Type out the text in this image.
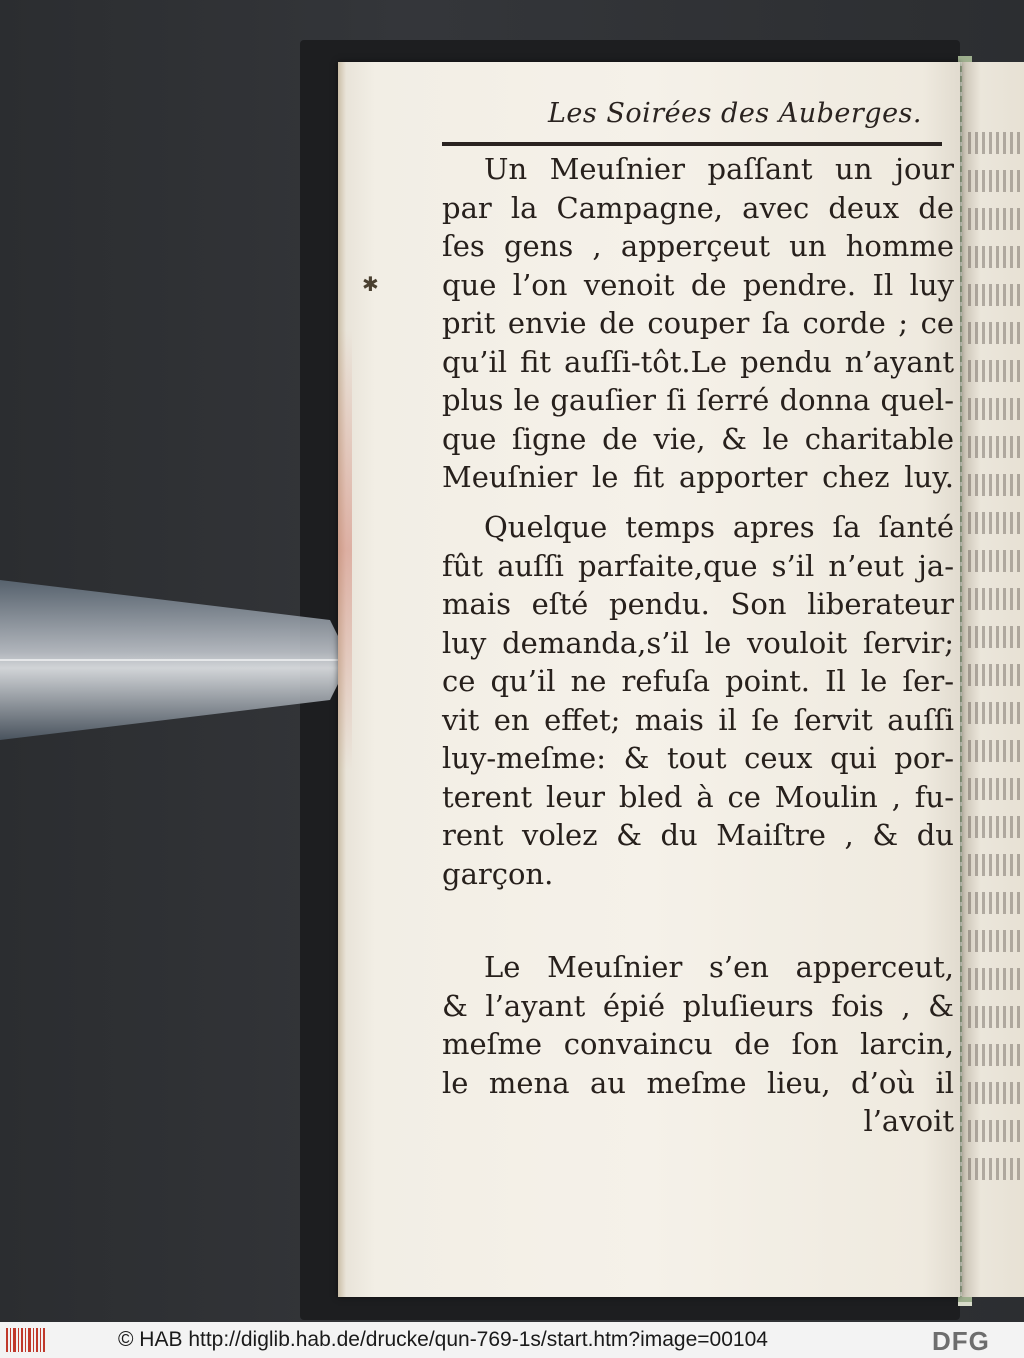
✱
Les Soirées des Auberges.
Un Meuſnier paſſant un jour
par la Campagne, avec deux de
ſes gens , apperçeut un homme
que l’on venoit de pendre. Il luy
prit envie de couper ſa corde ; ce
qu’il fit auſſi-tôt.Le pendu n’ayant
plus le gauſier ſi ſerré donna quel-
que ſigne de vie, & le charitable
Meuſnier le fit apporter chez luy.
Quelque temps apres ſa ſanté
fût auſſi parfaite,que s’il n’eut ja-
mais eſté pendu. Son liberateur
luy demanda,s’il le vouloit ſervir;
ce qu’il ne refuſa point. Il le ſer-
vit en effet; mais il ſe ſervit auſſi
luy-meſme: & tout ceux qui por-
terent leur bled à ce Moulin , fu-
rent volez & du Maiſtre , & du
garçon.
Le Meuſnier s’en apperceut,
& l’ayant épié pluſieurs fois , &
meſme convaincu de ſon larcin,
le mena au meſme lieu, d’où il
l’avoit
© HAB http://diglib.hab.de/drucke/qun-769-1s/start.htm?image=00104	DFG
